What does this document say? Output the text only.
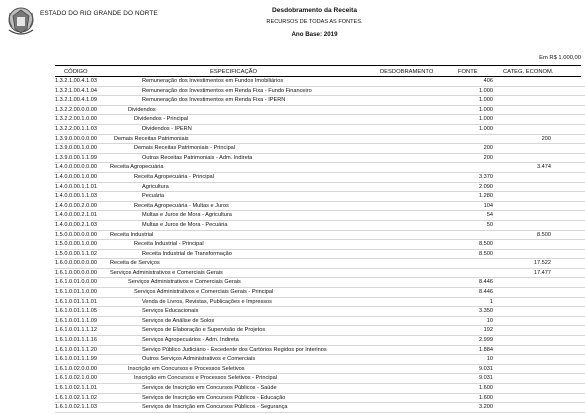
ESTADO DO RIO GRANDE DO NORTE	Desdobramento da Receita
RECURSOS DE TODAS AS FONTES.
Ano Base: 2019
Em R$ 1.000,00
CÓDIGO	ESPECIFICAÇÃO	DESDOBRAMENTO	FONTE	CATEG. ECONOM.
1.3.2.1.00.4.1.03	Remuneração dos Investimentos em Fundos Imobiliários	406		
1.3.2.1.00.4.1.04	Remuneração dos Investimentos em Renda Fixa - Fundo Financeiro	1.000		
1.3.2.1.00.4.1.09	Remuneração dos Investimentos em Renda Fixa - IPERN	1.000		
1.3.2.2.00.0.0.00	Dividendos	1.000		
1.3.2.2.00.1.0.00	Dividendos - Principal	1.000		
1.3.2.2.00.1.1.03	Dividendos - IPERN	1.000		
1.3.9.0.00.0.0.00	Demais Receitas Patrimoniais		200	
1.3.9.0.00.1.0.00	Demais Receitas Patrimoniais - Principal	200		
1.3.9.0.00.1.1.99	Outras Receitas Patrimoniais - Adm. Indireta	200		
1.4.0.0.00.0.0.00	Receita Agropecuária		3.474	
1.4.0.0.00.1.0.00	Receita Agropecuária - Principal	3.370		
1.4.0.0.00.1.1.01	Agricultura	2.090		
1.4.0.0.00.1.1.03	Pecuária	1.280		
1.4.0.0.00.2.0.00	Receita Agropecuária - Multas e Juros	104		
1.4.0.0.00.2.1.01	Multas e Juros de Mora - Agricultura	54		
1.4.0.0.00.2.1.03	Multas e Juros de Mora - Pecuária	50		
1.5.0.0.00.0.0.00	Receita Industrial		8.500	
1.5.0.0.00.1.0.00	Receita Industrial - Principal	8.500		
1.5.0.0.00.1.1.02	Receita Industrial de Transformação	8.500		
1.6.0.0.00.0.0.00	Receita de Serviços		17.522	
1.6.1.0.00.0.0.00	Serviços Administrativos e Comerciais Gerais		17.477	
1.6.1.0.01.0.0.00	Serviços Administrativos e Comerciais Gerais	8.446		
1.6.1.0.01.1.0.00	Serviços Administrativos e Comerciais Gerais - Principal	8.446		
1.6.1.0.01.1.1.01	Venda de Livros, Revistas, Publicações e Impressos	1		
1.6.1.0.01.1.1.05	Serviços Educacionais	3.350		
1.6.1.0.01.1.1.09	Serviços de Análise de Solos	10		
1.6.1.0.01.1.1.12	Serviços de Elaboração e Supervisão de Projetos	192		
1.6.1.0.01.1.1.16	Serviços Agropecuários - Adm. Indireta	2.999		
1.6.1.0.01.1.1.20	Serviço Público Judiciário - Excedente dos Cartórios Regidos por Interinos	1.884		
1.6.1.0.01.1.1.99	Outros Serviços Administrativos e Comerciais	10		
1.6.1.0.02.0.0.00	Inscrição em Concursos e Processos Seletivos	9.031		
1.6.1.0.02.1.0.00	Inscrição em Concursos e Processos Seletivos - Principal	9.031		
1.6.1.0.02.1.1.01	Serviços de Inscrição em Concursos Públicos - Saúde	1.600		
1.6.1.0.02.1.1.02	Serviços de Inscrição em Concursos Públicos - Educação	1.600		
1.6.1.0.02.1.1.03	Serviços de Inscrição em Concursos Públicos - Segurança	3.200		
